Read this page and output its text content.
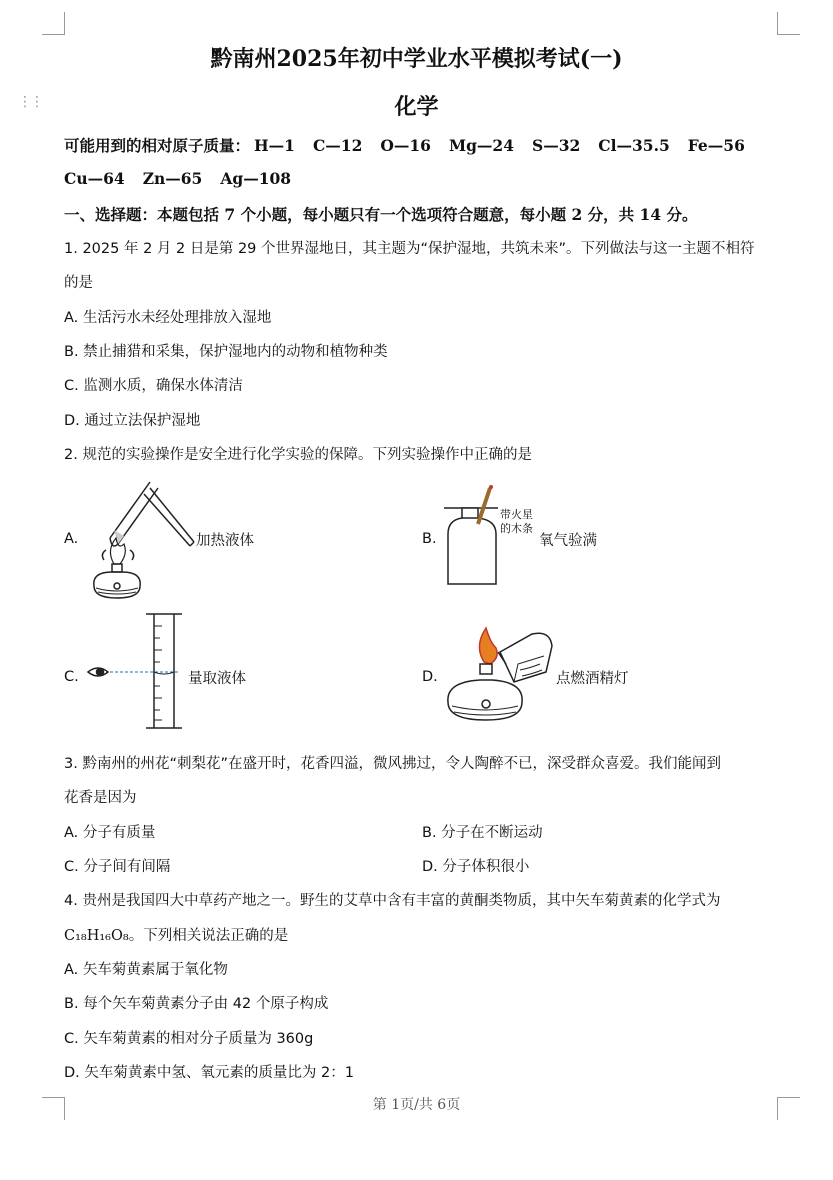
⋮⋮
黔南州2025年初中学业水平模拟考试(一)
化学
可能用到的相对原子质量： H—1 C—12 O—16 Mg—24 S—32 Cl—35.5 Fe—56
Cu—64 Zn—65 Ag—108
一、选择题：本题包括 7 个小题，每小题只有一个选项符合题意，每小题 2 分，共 14 分。
1. 2025 年 2 月 2 日是第 29 个世界湿地日，其主题为“保护湿地，共筑未来”。下列做法与这一主题不相符
的是
A. 生活污水未经处理排放入湿地
B. 禁止捕猎和采集，保护湿地内的动物和植物种类
C. 监测水质，确保水体清洁
D. 通过立法保护湿地
2. 规范的实验操作是安全进行化学实验的保障。下列实验操作中正确的是
A.	加热液体	B.
带火星
的木条
氧气验满
C.	量取液体	D.	点燃酒精灯
3. 黔南州的州花“刺梨花”在盛开时，花香四溢，微风拂过，令人陶醉不已，深受群众喜爱。我们能闻到
花香是因为
A. 分子有质量	B. 分子在不断运动
C. 分子间有间隔	D. 分子体积很小
4. 贵州是我国四大中草药产地之一。野生的艾草中含有丰富的黄酮类物质，其中矢车菊黄素的化学式为
C₁₈H₁₆O₈。下列相关说法正确的是
A. 矢车菊黄素属于氧化物
B. 每个矢车菊黄素分子由 42 个原子构成
C. 矢车菊黄素的相对分子质量为 360g
D. 矢车菊黄素中氢、氧元素的质量比为 2：1
第 1页/共 6页
